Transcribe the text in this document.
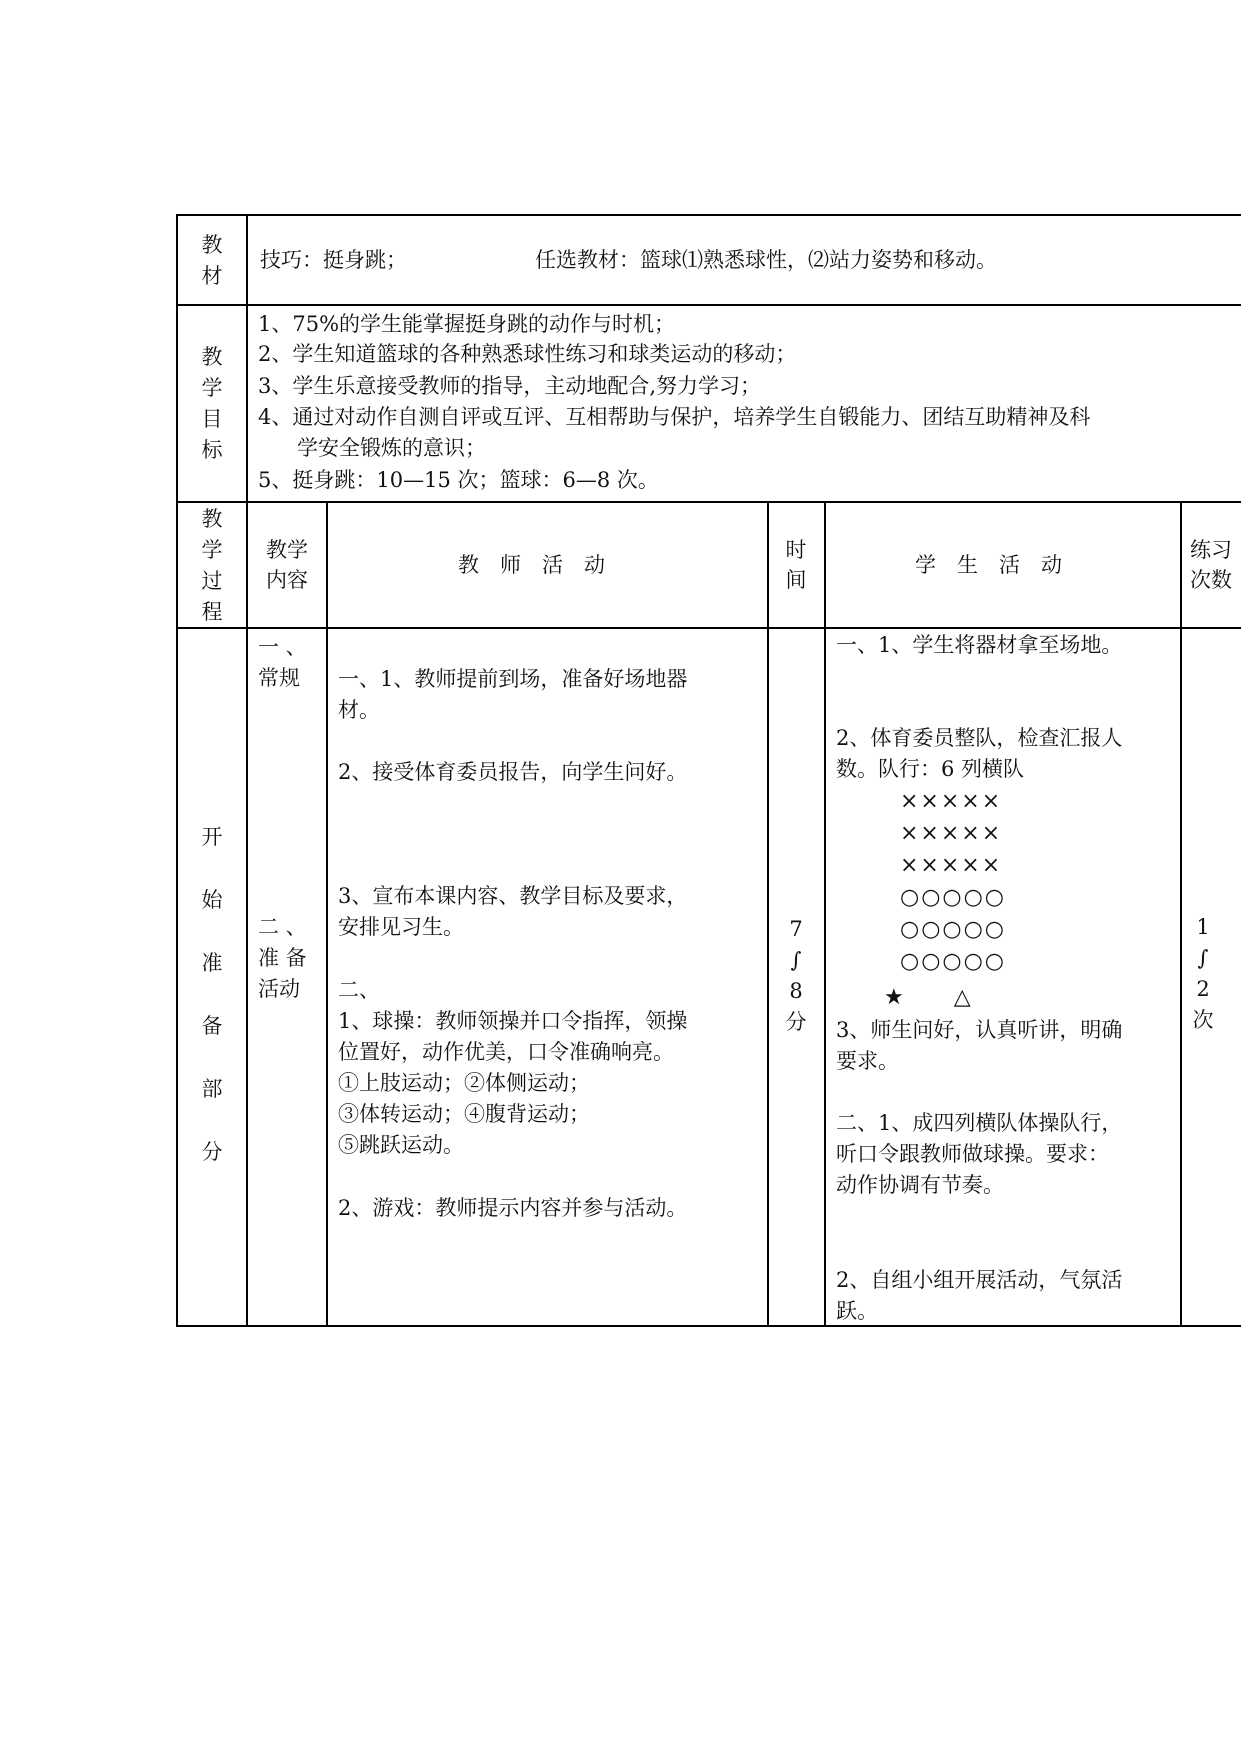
教
材
技巧：挺身跳；	任选教材：篮球⑴熟悉球性，⑵站力姿势和移动。
教
学
目
标
1、75%的学生能掌握挺身跳的动作与时机；
2、学生知道篮球的各种熟悉球性练习和球类运动的移动；
3、学生乐意接受教师的指导，主动地配合,努力学习；
4、通过对动作自测自评或互评、互相帮助与保护，培养学生自锻能力、团结互助精神及科
学安全锻炼的意识；
5、挺身跳：10—15 次；篮球：6—8 次。
教
学
过
程
教学
内容
教　师　活　动
时
间
学　生　活　动
练习
次数
开
始
准
备
部
分
一 、
常规
二 、
准 备
活动
一、1、教师提前到场，准备好场地器
材。
2、接受体育委员报告，向学生问好。
3、宣布本课内容、教学目标及要求，
安排见习生。
二、
1、球操：教师领操并口令指挥，领操
位置好，动作优美，口令准确响亮。
①上肢运动；②体侧运动；
③体转运动；④腹背运动；
⑤跳跃运动。
2、游戏：教师提示内容并参与活动。
7
∫
8
分
一、1、学生将器材拿至场地。
2、体育委员整队，检查汇报人
数。队行：6 列横队
×××××
×××××
×××××
○○○○○
○○○○○
○○○○○
★　　△
3、师生问好，认真听讲，明确
要求。
二、1、成四列横队体操队行，
听口令跟教师做球操。要求：
动作协调有节奏。
2、自组小组开展活动，气氛活
跃。
1
∫
2
次
